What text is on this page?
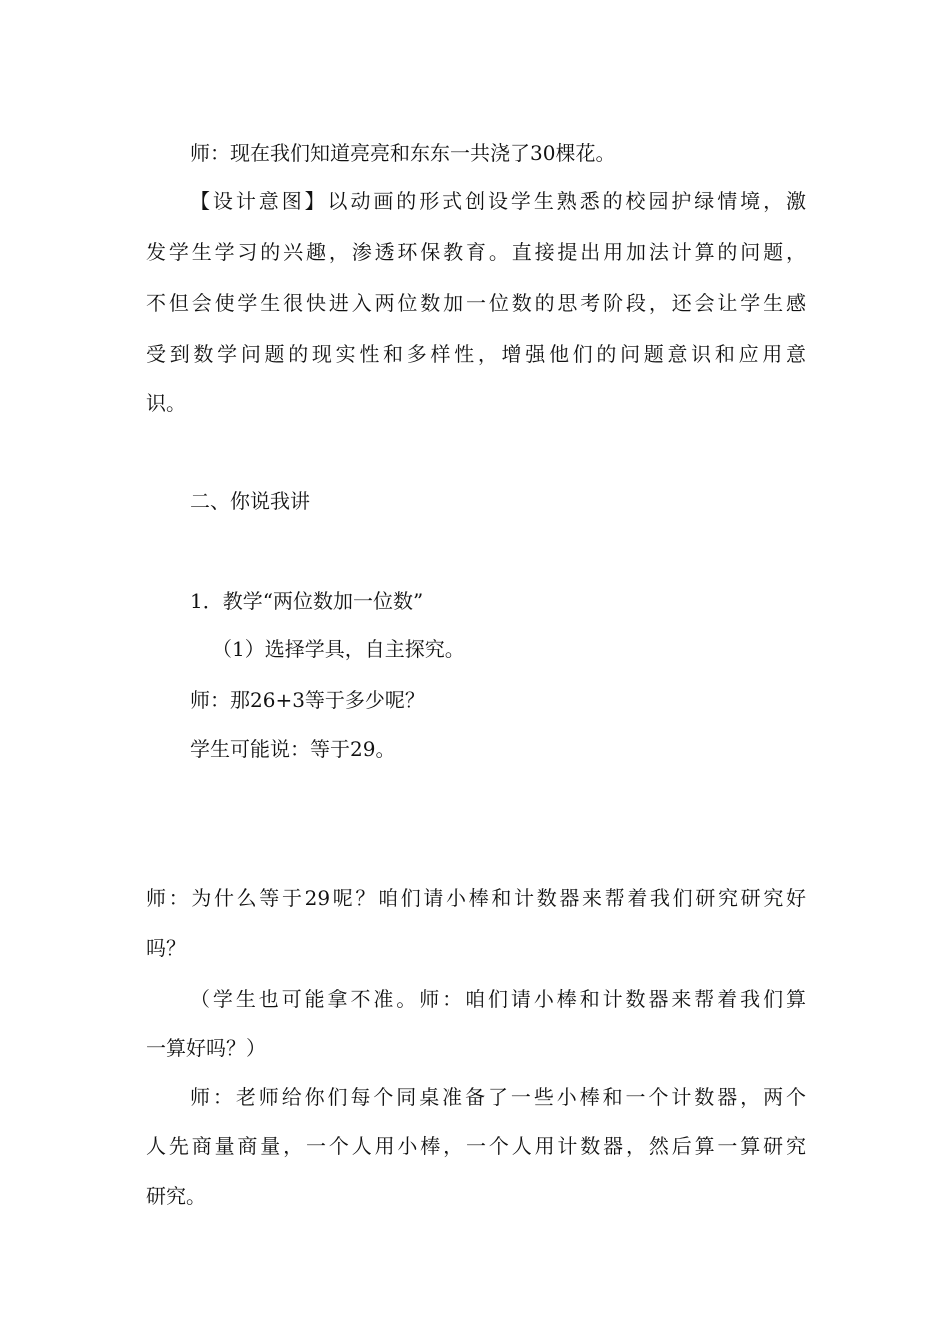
师：现在我们知道亮亮和东东一共浇了30棵花。
【设计意图】以动画的形式创设学生熟悉的校园护绿情境，激
发学生学习的兴趣，渗透环保教育。直接提出用加法计算的问题，
不但会使学生很快进入两位数加一位数的思考阶段，还会让学生感
受到数学问题的现实性和多样性，增强他们的问题意识和应用意
识。
二、你说我讲
1．教学“两位数加一位数”
（1）选择学具，自主探究。
师：那26+3等于多少呢？
学生可能说：等于29。
师：为什么等于29呢？咱们请小棒和计数器来帮着我们研究研究好
吗？
（学生也可能拿不准。师：咱们请小棒和计数器来帮着我们算
一算好吗？）
师：老师给你们每个同桌准备了一些小棒和一个计数器，两个
人先商量商量，一个人用小棒，一个人用计数器，然后算一算研究
研究。
